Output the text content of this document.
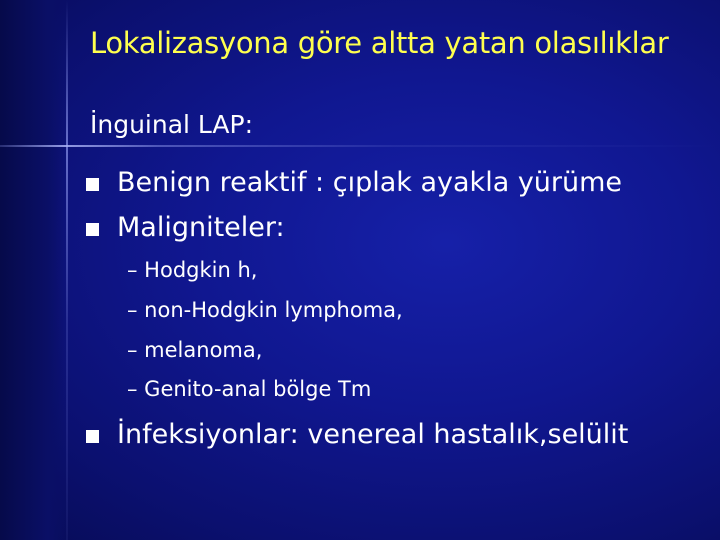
Lokalizasyona göre altta yatan olasılıklar
İnguinal LAP:
Benign reaktif : çıplak ayakla yürüme
Maligniteler:
– Hodgkin h,
– non-Hodgkin lymphoma,
– melanoma,
– Genito-anal bölge Tm
İnfeksiyonlar: venereal hastalık,selülit
